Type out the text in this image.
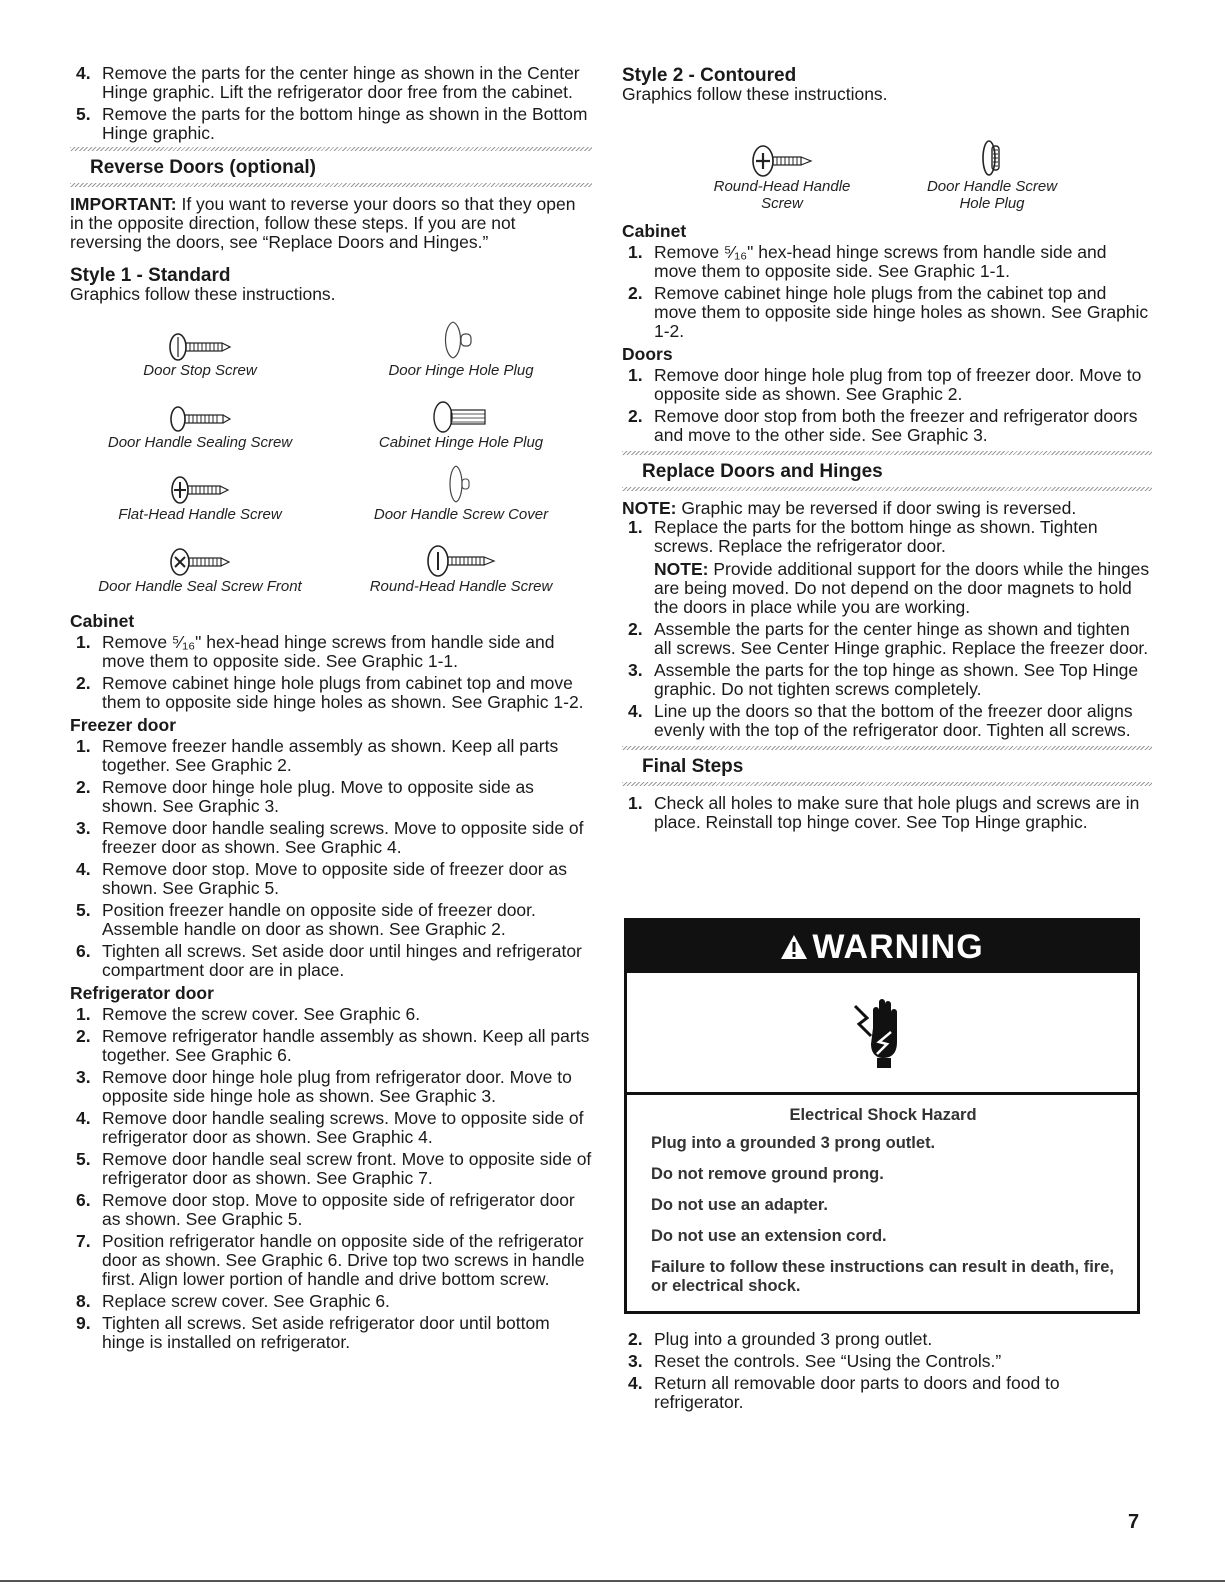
4. Remove the parts for the center hinge as shown in the Center Hinge graphic. Lift the refrigerator door free from the cabinet.
5. Remove the parts for the bottom hinge as shown in the Bottom Hinge graphic.
Reverse Doors (optional)

IMPORTANT: If you want to reverse your doors so that they open in the opposite direction, follow these steps. If you are not reversing the doors, see “Replace Doors and Hinges.”

Style 1 - Standard

Graphics follow these instructions.

Door Stop Screw	Door Hinge Hole Plug
Door Handle Sealing Screw	Cabinet Hinge Hole Plug
Flat-Head Handle Screw	Door Handle Screw Cover
Door Handle Seal Screw Front	Round-Head Handle Screw
Cabinet
1. Remove ⁵⁄₁₆" hex-head hinge screws from handle side and move them to opposite side. See Graphic 1-1.
2. Remove cabinet hinge hole plugs from cabinet top and move them to opposite side hinge holes as shown. See Graphic 1-2.
Freezer door
1. Remove freezer handle assembly as shown. Keep all parts together. See Graphic 2.
2. Remove door hinge hole plug. Move to opposite side as shown. See Graphic 3.
3. Remove door handle sealing screws. Move to opposite side of freezer door as shown. See Graphic 4.
4. Remove door stop. Move to opposite side of freezer door as shown. See Graphic 5.
5. Position freezer handle on opposite side of freezer door. Assemble handle on door as shown. See Graphic 2.
6. Tighten all screws. Set aside door until hinges and refrigerator compartment door are in place.
Refrigerator door
1. Remove the screw cover. See Graphic 6.
2. Remove refrigerator handle assembly as shown. Keep all parts together. See Graphic 6.
3. Remove door hinge hole plug from refrigerator door. Move to opposite side hinge hole as shown. See Graphic 3.
4. Remove door handle sealing screws. Move to opposite side of refrigerator door as shown. See Graphic 4.
5. Remove door handle seal screw front. Move to opposite side of refrigerator door as shown. See Graphic 7.
6. Remove door stop. Move to opposite side of refrigerator door as shown. See Graphic 5.
7. Position refrigerator handle on opposite side of the refrigerator door as shown. See Graphic 6. Drive top two screws in handle first. Align lower portion of handle and drive bottom screw.
8. Replace screw cover. See Graphic 6.
9. Tighten all screws. Set aside refrigerator door until bottom hinge is installed on refrigerator.
Style 2 - Contoured

Graphics follow these instructions.

Round-Head Handle Screw
Door Handle Screw Hole Plug
Cabinet
1. Remove ⁵⁄₁₆" hex-head hinge screws from handle side and move them to opposite side. See Graphic 1-1.
2. Remove cabinet hinge hole plugs from the cabinet top and move them to opposite side hinge holes as shown. See Graphic 1-2.
Doors
1. Remove door hinge hole plug from top of freezer door. Move to opposite side as shown. See Graphic 2.
2. Remove door stop from both the freezer and refrigerator doors and move to the other side. See Graphic 3.
Replace Doors and Hinges

NOTE: Graphic may be reversed if door swing is reversed.

1. Replace the parts for the bottom hinge as shown. Tighten screws. Replace the refrigerator door.
NOTE: Provide additional support for the doors while the hinges are being moved. Do not depend on the door magnets to hold the doors in place while you are working.
2. Assemble the parts for the center hinge as shown and tighten all screws. See Center Hinge graphic. Replace the freezer door.
3. Assemble the parts for the top hinge as shown. See Top Hinge graphic. Do not tighten screws completely.
4. Line up the doors so that the bottom of the freezer door aligns evenly with the top of the refrigerator door. Tighten all screws.
Final Steps
1. Check all holes to make sure that hole plugs and screws are in place. Reinstall top hinge cover. See Top Hinge graphic.
WARNING
Electrical Shock Hazard

Plug into a grounded 3 prong outlet.

Do not remove ground prong.

Do not use an adapter.

Do not use an extension cord.

Failure to follow these instructions can result in death, fire, or electrical shock.

2. Plug into a grounded 3 prong outlet.
3. Reset the controls. See “Using the Controls.”
4. Return all removable door parts to doors and food to refrigerator.
7
